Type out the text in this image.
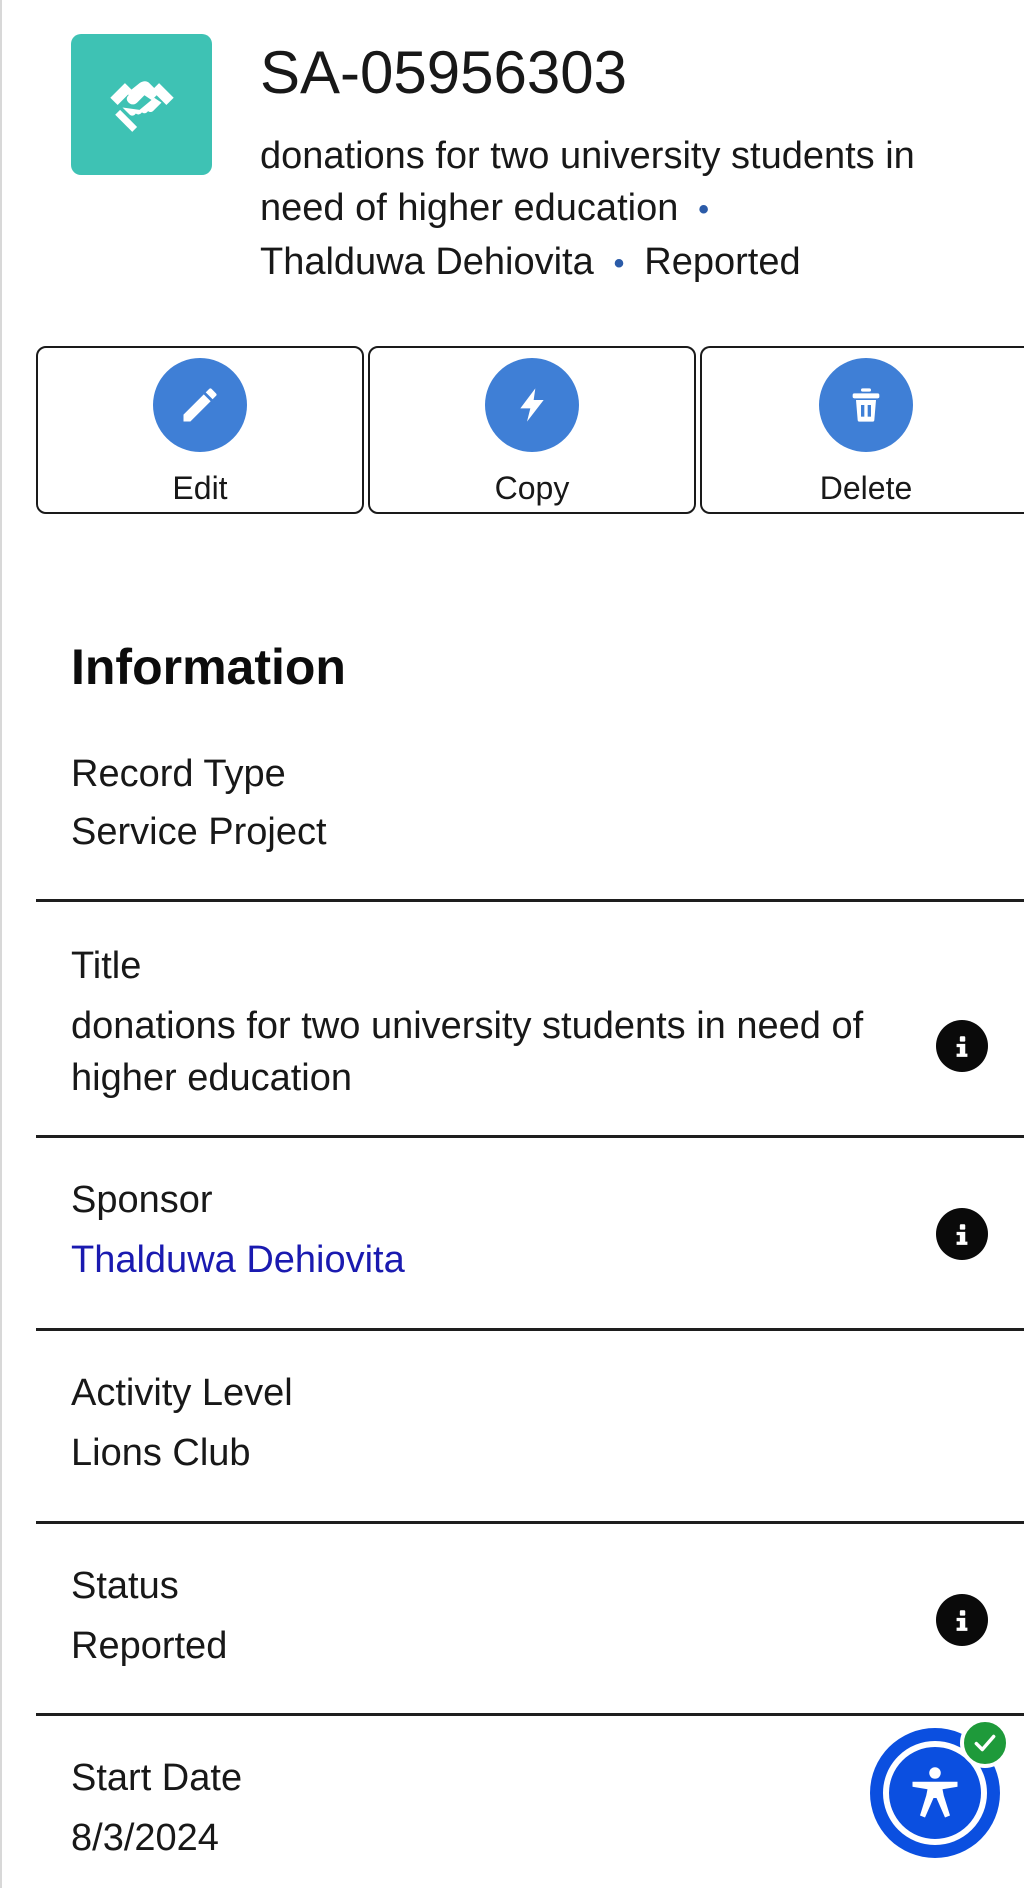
SA-05956303
donations for two university students in need of higher education •
Thalduwa Dehiovita • Reported
Edit	Copy	Delete
Information
Record Type
Service Project
Title
donations for two university students in need of higher education
Sponsor
Thalduwa Dehiovita
Activity Level
Lions Club
Status
Reported
Start Date
8/3/2024
